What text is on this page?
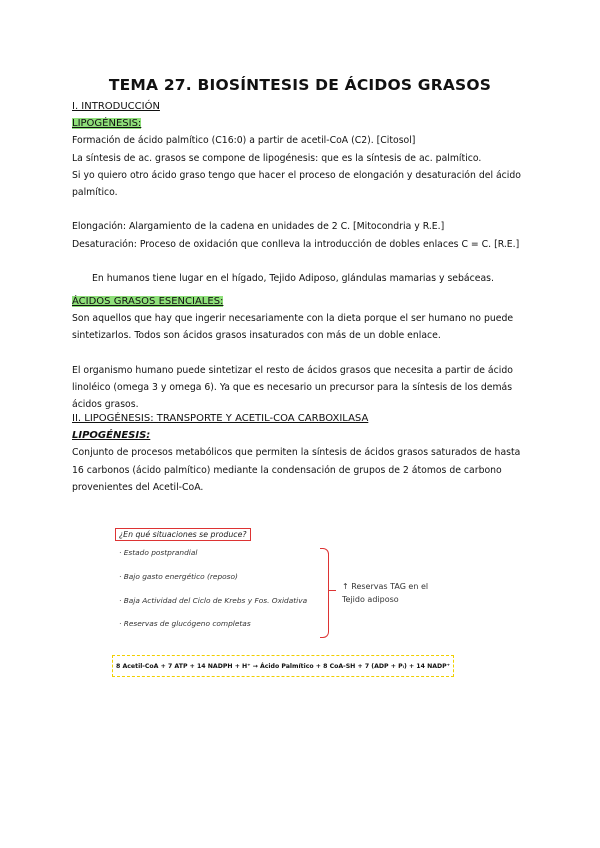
TEMA 27. BIOSÍNTESIS DE ÁCIDOS GRASOS

I. INTRODUCCIÓN

LIPOGÉNESIS:

Formación de ácido palmítico (C16:0) a partir de acetil-CoA (C2). [Citosol]

La síntesis de ac. grasos se compone de lipogénesis: que es la síntesis de ac. palmítico.

Si yo quiero otro ácido graso tengo que hacer el proceso de elongación y desaturación del ácido

palmítico.

Elongación: Alargamiento de la cadena en unidades de 2 C. [Mitocondria y R.E.]

Desaturación: Proceso de oxidación que conlleva la introducción de dobles enlaces C = C. [R.E.]

En humanos tiene lugar en el hígado, Tejido Adiposo, glándulas mamarias y sebáceas.

ÁCIDOS GRASOS ESENCIALES:

Son aquellos que hay que ingerir necesariamente con la dieta porque el ser humano no puede

sintetizarlos. Todos son ácidos grasos insaturados con más de un doble enlace.

El organismo humano puede sintetizar el resto de ácidos grasos que necesita a partir de ácido

linoléico (omega 3 y omega 6). Ya que es necesario un precursor para la síntesis de los demás

ácidos grasos.

II. LIPOGÉNESIS: TRANSPORTE Y ACETIL-COA CARBOXILASA

LIPOGÉNESIS:

Conjunto de procesos metabólicos que permiten la síntesis de ácidos grasos saturados de hasta

16 carbonos (ácido palmítico) mediante la condensación de grupos de 2 átomos de carbono

provenientes del Acetil-CoA.

¿En qué situaciones se produce?
· Estado postprandial
· Bajo gasto energético (reposo)
· Baja Actividad del Ciclo de Krebs y Fos. Oxidativa
· Reservas de glucógeno completas
↑ Reservas TAG en el
Tejido adiposo
8 Acetil-CoA + 7 ATP + 14 NADPH + H⁺ → Ácido Palmítico + 8 CoA-SH + 7 (ADP + Pᵢ) + 14 NADP⁺
